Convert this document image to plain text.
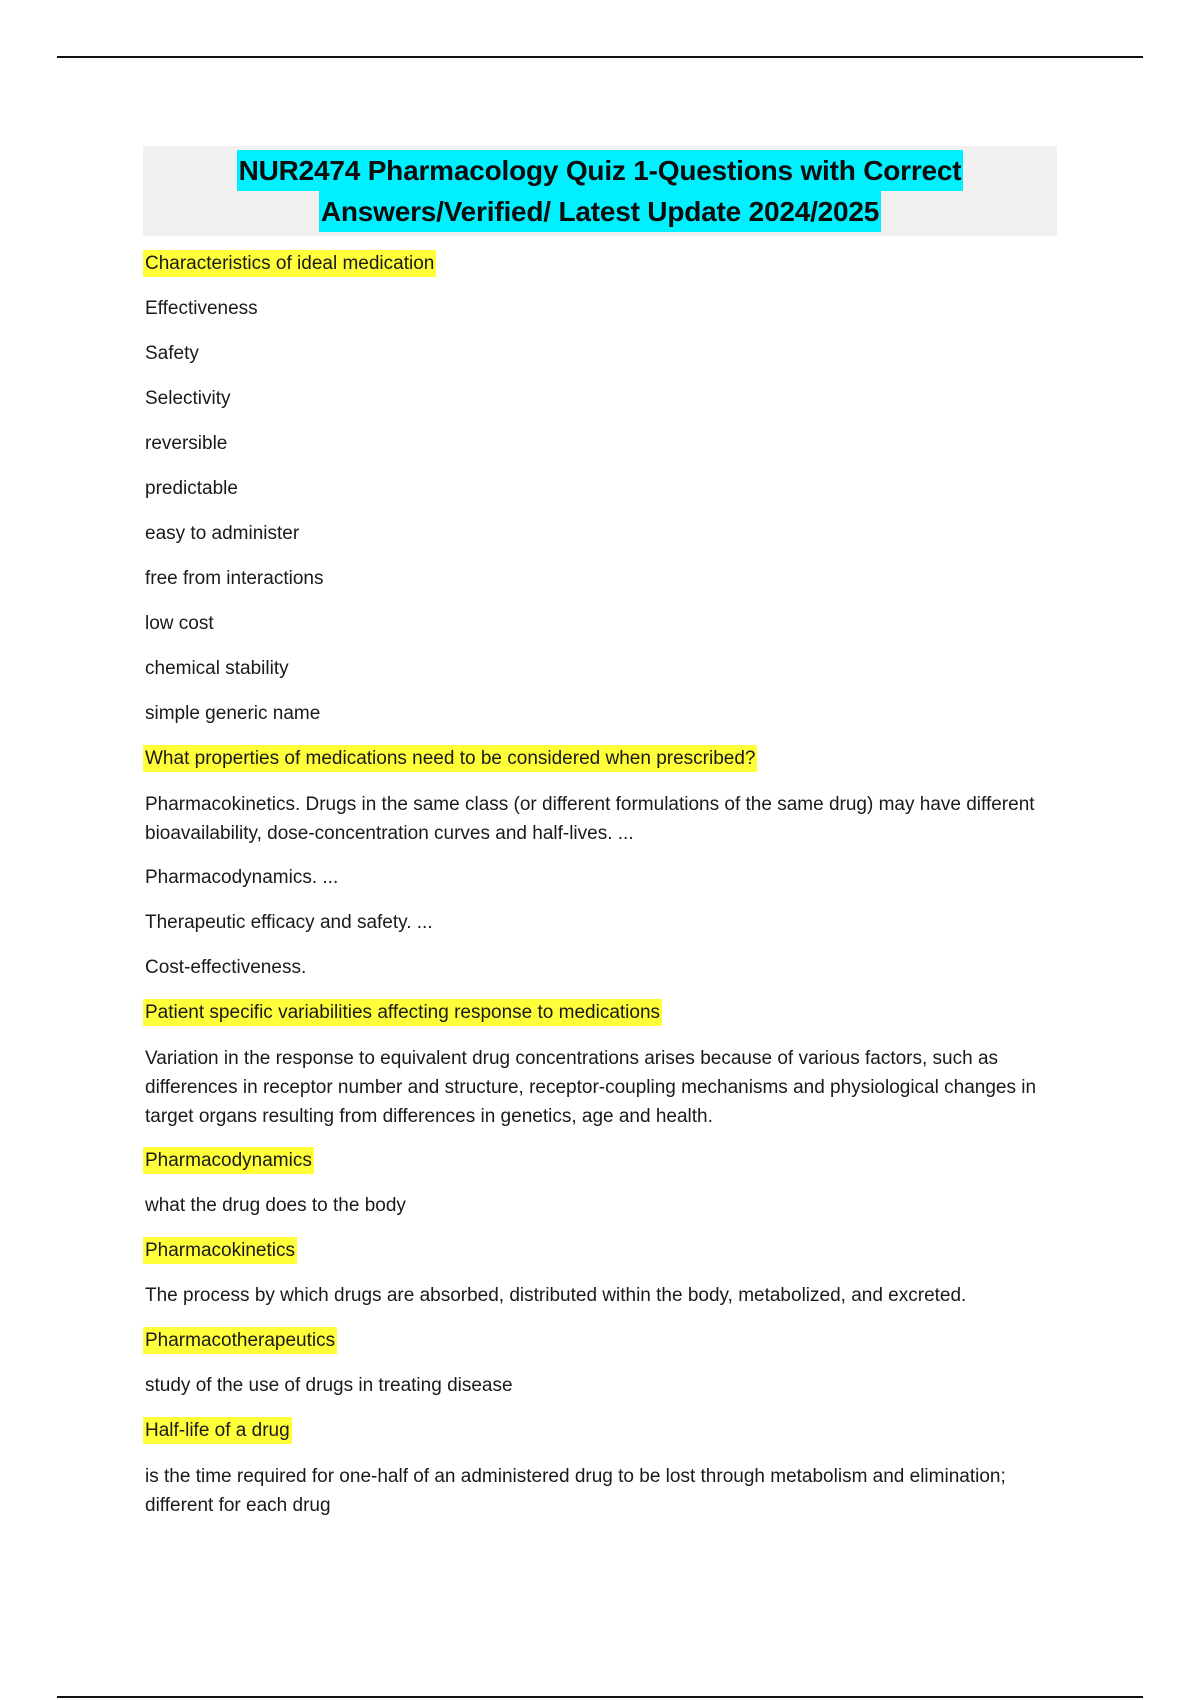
NUR2474 Pharmacology Quiz 1-Questions with Correct
Answers/Verified/ Latest Update 2024/2025
Characteristics of ideal medication

Effectiveness

Safety

Selectivity

reversible

predictable

easy to administer

free from interactions

low cost

chemical stability

simple generic name

What properties of medications need to be considered when prescribed?

Pharmacokinetics. Drugs in the same class (or different formulations of the same drug) may have different bioavailability, dose-concentration curves and half-lives. ...

Pharmacodynamics. ...

Therapeutic efficacy and safety. ...

Cost-effectiveness.

Patient specific variabilities affecting response to medications

Variation in the response to equivalent drug concentrations arises because of various factors, such as differences in receptor number and structure, receptor-coupling mechanisms and physiological changes in target organs resulting from differences in genetics, age and health.

Pharmacodynamics

what the drug does to the body

Pharmacokinetics

The process by which drugs are absorbed, distributed within the body, metabolized, and excreted.

Pharmacotherapeutics

study of the use of drugs in treating disease

Half-life of a drug

is the time required for one-half of an administered drug to be lost through metabolism and elimination; different for each drug
